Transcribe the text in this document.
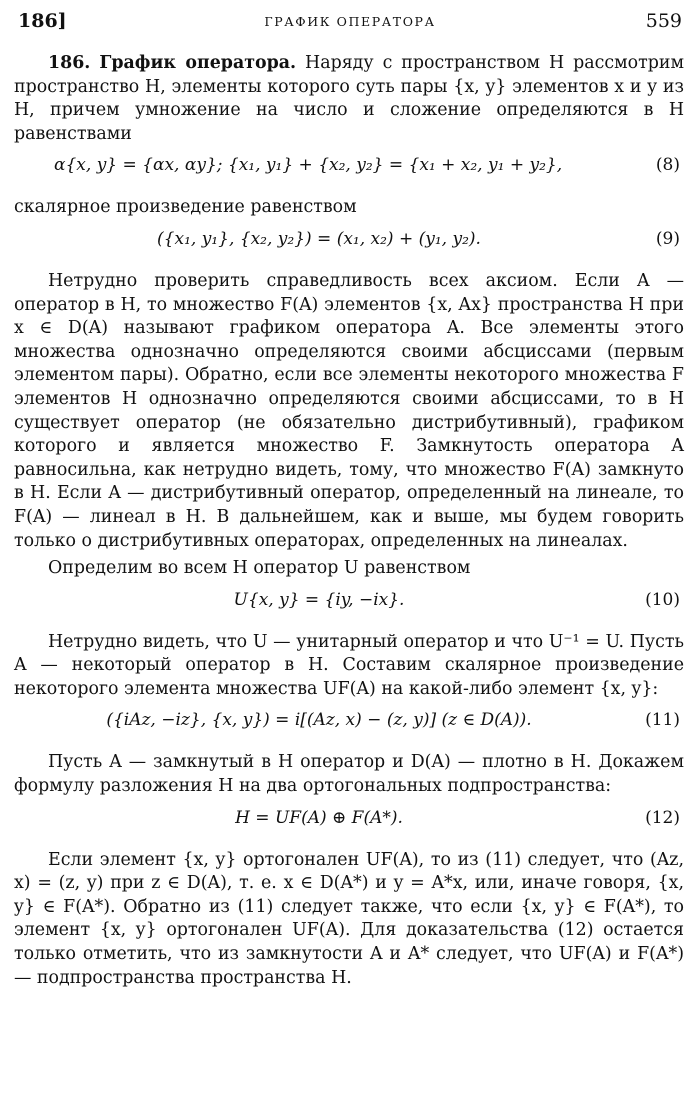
186]	ГРАФИК ОПЕРАТОРА	559

186. График оператора. Наряду с пространством H рассмотрим пространство H, элементы которого суть пары {x, y} элементов x и y из H, причем умножение на число и сложение определяются в H равенствами

α{x, y} = {αx, αy}; {x₁, y₁} + {x₂, y₂} = {x₁ + x₂, y₁ + y₂},	(8)

скалярное произведение равенством

({x₁, y₁}, {x₂, y₂}) = (x₁, x₂) + (y₁, y₂).	(9)

Нетрудно проверить справедливость всех аксиом. Если A — оператор в H, то множество F(A) элементов {x, Ax} пространства H при x ∈ D(A) называют графиком оператора A. Все элементы этого множества однозначно определяются своими абсциссами (первым элементом пары). Обратно, если все элементы некоторого множества F элементов H однозначно определяются своими абсциссами, то в H существует оператор (не обязательно дистрибутивный), графиком которого и является множество F. Замкнутость оператора A равносильна, как нетрудно видеть, тому, что множество F(A) замкнуто в H. Если A — дистрибутивный оператор, определенный на линеале, то F(A) — линеал в H. В дальнейшем, как и выше, мы будем говорить только о дистрибутивных операторах, определенных на линеалах.

Определим во всем H оператор U равенством

U{x, y} = {iy, −ix}.	(10)

Нетрудно видеть, что U — унитарный оператор и что U⁻¹ = U. Пусть A — некоторый оператор в H. Составим скалярное произведение некоторого элемента множества UF(A) на какой-либо элемент {x, y}:

({iAz, −iz}, {x, y}) = i[(Az, x) − (z, y)] (z ∈ D(A)).	(11)

Пусть A — замкнутый в H оператор и D(A) — плотно в H. Докажем формулу разложения H на два ортогональных подпространства:

H = UF(A) ⊕ F(A*).	(12)

Если элемент {x, y} ортогонален UF(A), то из (11) следует, что (Az, x) = (z, y) при z ∈ D(A), т. е. x ∈ D(A*) и y = A*x, или, иначе говоря, {x, y} ∈ F(A*). Обратно из (11) следует также, что если {x, y} ∈ F(A*), то элемент {x, y} ортогонален UF(A). Для доказательства (12) остается только отметить, что из замкнутости A и A* следует, что UF(A) и F(A*) — подпространства пространства H.
